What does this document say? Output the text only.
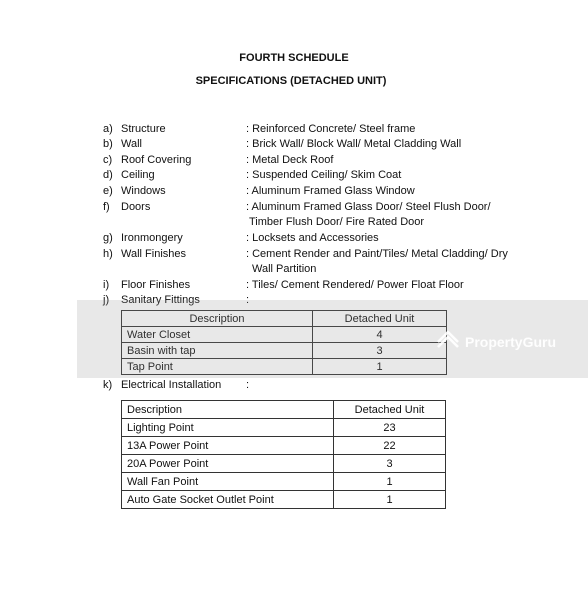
FOURTH SCHEDULE
SPECIFICATIONS (DETACHED UNIT)
a) Structure	: Reinforced Concrete/ Steel frame
b) Wall	: Brick Wall/ Block Wall/ Metal Cladding Wall
c) Roof Covering	: Metal Deck Roof
d) Ceiling	: Suspended Ceiling/ Skim Coat
e) Windows	: Aluminum Framed Glass Window
f) Doors	: Aluminum Framed Glass Door/ Steel Flush Door/
Timber Flush Door/ Fire Rated Door
g) Ironmongery	: Locksets and Accessories
h) Wall Finishes	: Cement Render and Paint/Tiles/ Metal Cladding/ Dry
Wall Partition
i) Floor Finishes	: Tiles/ Cement Rendered/ Power Float Floor
j) Sanitary Fittings	:
Description	Detached Unit
Water Closet	4
Basin with tap	3
Tap Point	1
PropertyGuru
k) Electrical Installation :
Description	Detached Unit
Lighting Point	23
13A Power Point	22
20A Power Point	3
Wall Fan Point	1
Auto Gate Socket Outlet Point	1
